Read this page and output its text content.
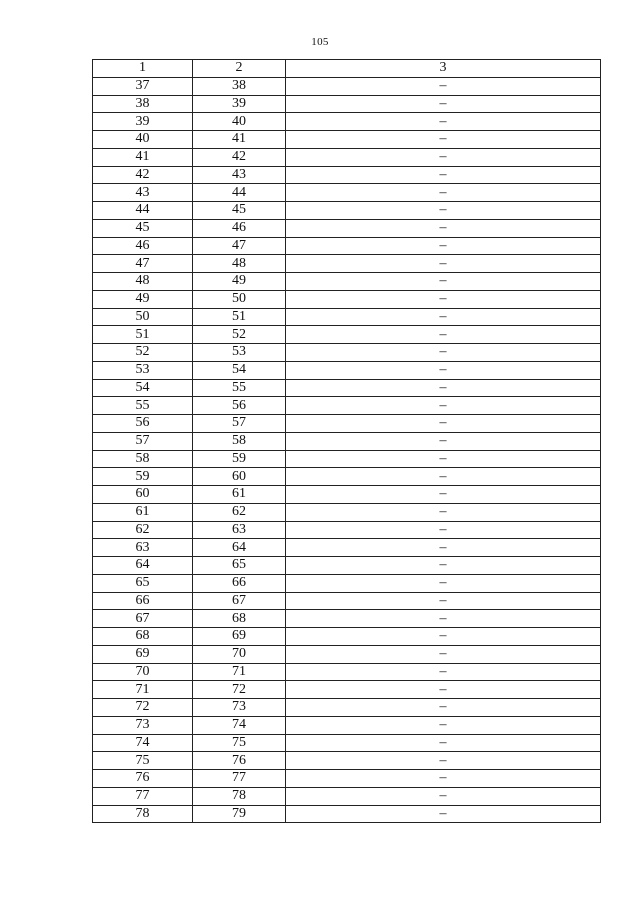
105
1	2	3
37	38	–
38	39	–
39	40	–
40	41	–
41	42	–
42	43	–
43	44	–
44	45	–
45	46	–
46	47	–
47	48	–
48	49	–
49	50	–
50	51	–
51	52	–
52	53	–
53	54	–
54	55	–
55	56	–
56	57	–
57	58	–
58	59	–
59	60	–
60	61	–
61	62	–
62	63	–
63	64	–
64	65	–
65	66	–
66	67	–
67	68	–
68	69	–
69	70	–
70	71	–
71	72	–
72	73	–
73	74	–
74	75	–
75	76	–
76	77	–
77	78	–
78	79	–
